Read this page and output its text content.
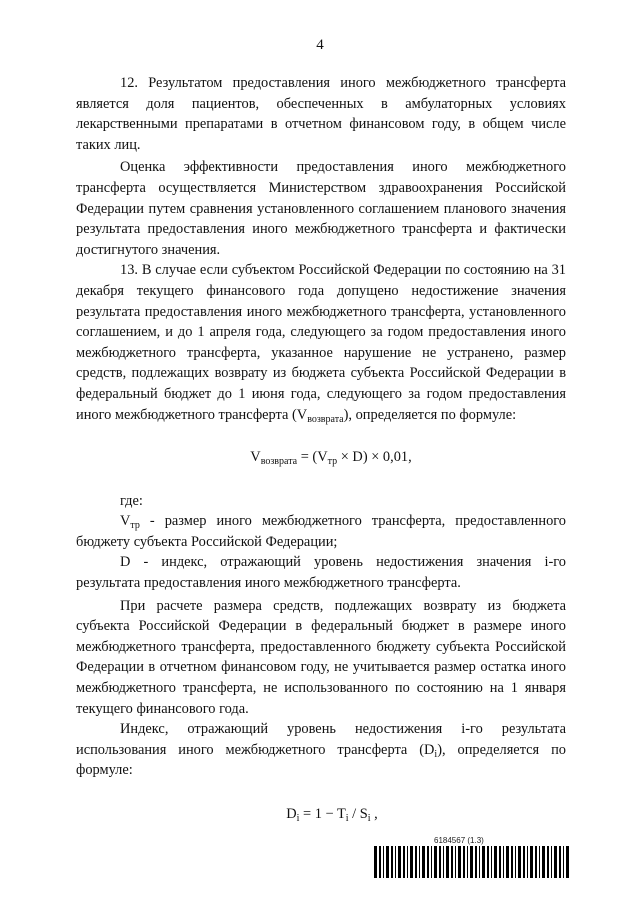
4

12. Результатом предоставления иного межбюджетного трансферта является доля пациентов, обеспеченных в амбулаторных условиях лекарственными препаратами в отчетном финансовом году, в общем числе таких лиц.

Оценка эффективности предоставления иного межбюджетного трансферта осуществляется Министерством здравоохранения Российской Федерации путем сравнения установленного соглашением планового значения результата предоставления иного межбюджетного трансферта и фактически достигнутого значения.

13. В случае если субъектом Российской Федерации по состоянию на 31 декабря текущего финансового года допущено недостижение значения результата предоставления иного межбюджетного трансферта, установленного соглашением, и до 1 апреля года, следующего за годом предоставления иного межбюджетного трансферта, указанное нарушение не устранено, размер средств, подлежащих возврату из бюджета субъекта Российской Федерации в федеральный бюджет до 1 июня года, следующего за годом предоставления иного межбюджетного трансферта $(V_{возврата})$, определяется по формуле:

$V_{возврата} = (V_{тр} \times D) \times 0,01$,

где:

$V_{тр}$ - размер иного межбюджетного трансферта, предоставленного бюджету субъекта Российской Федерации;

D - индекс, отражающий уровень недостижения значения i-го результата предоставления иного межбюджетного трансферта.

При расчете размера средств, подлежащих возврату из бюджета субъекта Российской Федерации в федеральный бюджет в размере иного межбюджетного трансферта, предоставленного бюджету субъекта Российской Федерации в отчетном финансовом году, не учитывается размер остатка иного межбюджетного трансферта, не использованного по состоянию на 1 января текущего финансового года.

Индекс, отражающий уровень недостижения i-го результата использования иного межбюджетного трансферта $(D_i)$, определяется по формуле:

$D_i = 1 - T_i / S_i$ ,

6184567 (1.3)
